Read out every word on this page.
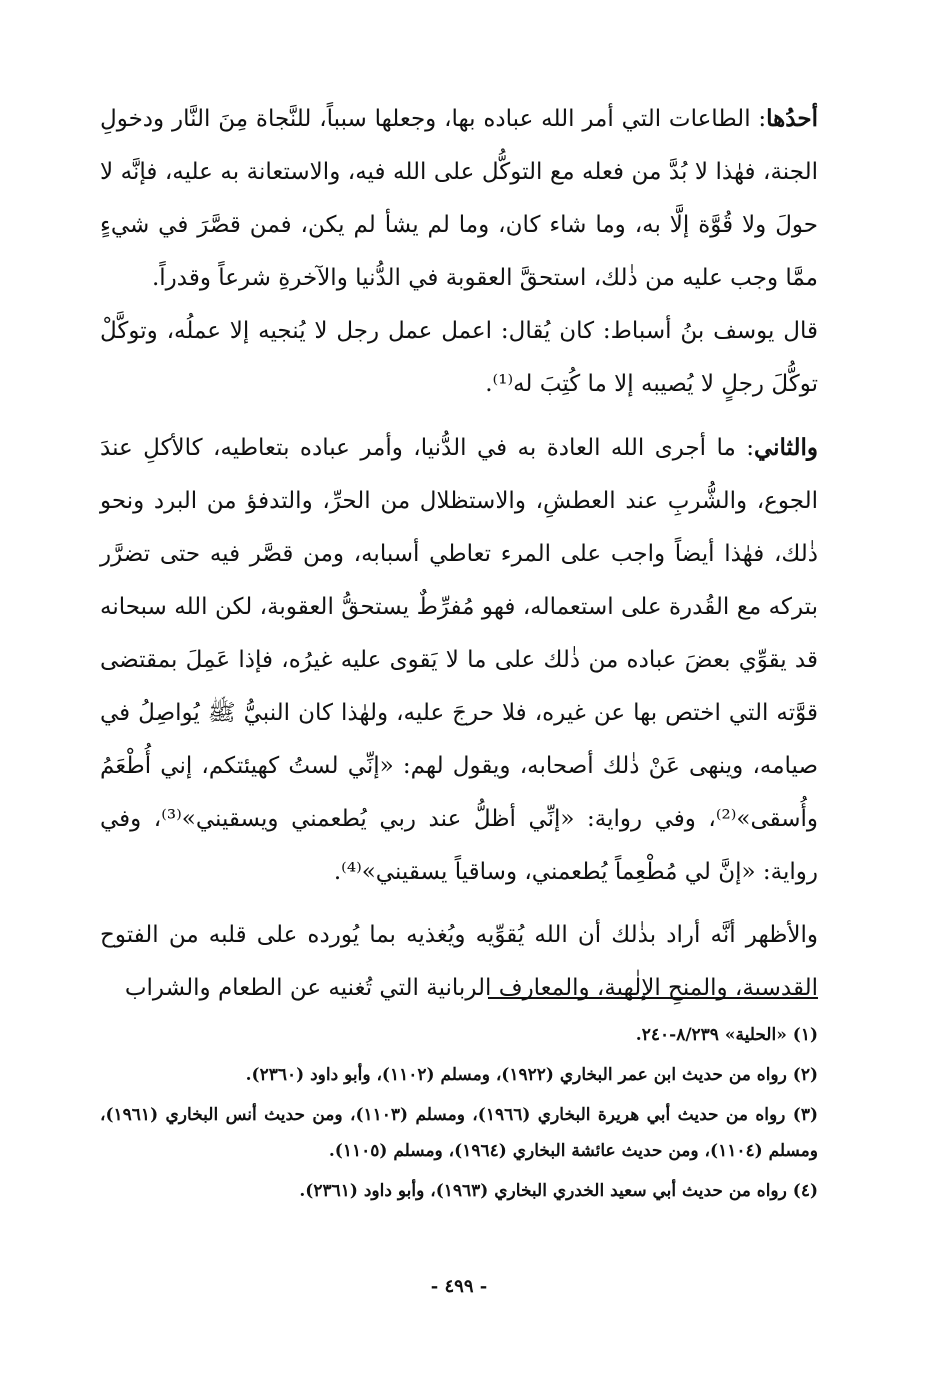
أحدُها: الطاعات التي أمر الله عباده بها، وجعلها سبباً، للنَّجاة مِنَ النَّار ودخولِ الجنة، فهٰذا لا بُدَّ من فعله مع التوكُّل على الله فيه، والاستعانة به عليه، فإنَّه لا حولَ ولا قُوَّة إلَّا به، وما شاء كان، وما لم يشأ لم يكن، فمن قصَّرَ في شيءٍ ممَّا وجب عليه من ذٰلك، استحقَّ العقوبة في الدُّنيا والآخرةِ شرعاً وقدراً.
قال يوسف بنُ أسباط: كان يُقال: اعمل عمل رجل لا يُنجيه إلا عملُه، وتوكَّلْ توكُّلَ رجلٍ لا يُصيبه إلا ما كُتِبَ له⁽¹⁾.

والثاني: ما أجرى الله العادة به في الدُّنيا، وأمر عباده بتعاطيه، كالأكلِ عندَ الجوع، والشُّربِ عند العطشِ، والاستظلال من الحرِّ، والتدفؤ من البرد ونحو ذٰلك، فهٰذا أيضاً واجب على المرء تعاطي أسبابه، ومن قصَّر فيه حتى تضرَّر بتركه مع القُدرة على استعماله، فهو مُفرِّطٌ يستحقُّ العقوبة، لكن الله سبحانه قد يقوِّي بعضَ عباده من ذٰلك على ما لا يَقوى عليه غيرُه، فإذا عَمِلَ بمقتضى قوَّته التي اختص بها عن غيره، فلا حرجَ عليه، ولهٰذا كان النبيُّ ﷺ يُواصِلُ في صيامه، وينهى عَنْ ذٰلك أصحابه، ويقول لهم: «إنِّي لستُ كهيئتكم، إني أُطْعَمُ وأُسقى»⁽²⁾، وفي رواية: «إنِّي أظلُّ عند ربي يُطعمني ويسقيني»⁽³⁾، وفي رواية: «إنَّ لي مُطْعِماً يُطعمني، وساقياً يسقيني»⁽⁴⁾.

والأظهر أنَّه أراد بذٰلك أن الله يُقوِّيه ويُغذيه بما يُورده على قلبه من الفتوح القدسية، والمنحِ الإلٰهية، والمعارف الربانية التي تُغنيه عن الطعام والشراب

(١) «الحلية» ٨/٢٣٩-٢٤٠.

(٢) رواه من حديث ابن عمر البخاري (١٩٢٢)، ومسلم (١١٠٢)، وأبو داود (٢٣٦٠).

(٣) رواه من حديث أبي هريرة البخاري (١٩٦٦)، ومسلم (١١٠٣)، ومن حديث أنس البخاري (١٩٦١)، ومسلم (١١٠٤)، ومن حديث عائشة البخاري (١٩٦٤)، ومسلم (١١٠٥).

(٤) رواه من حديث أبي سعيد الخدري البخاري (١٩٦٣)، وأبو داود (٢٣٦١).

- ٤٩٩ -
